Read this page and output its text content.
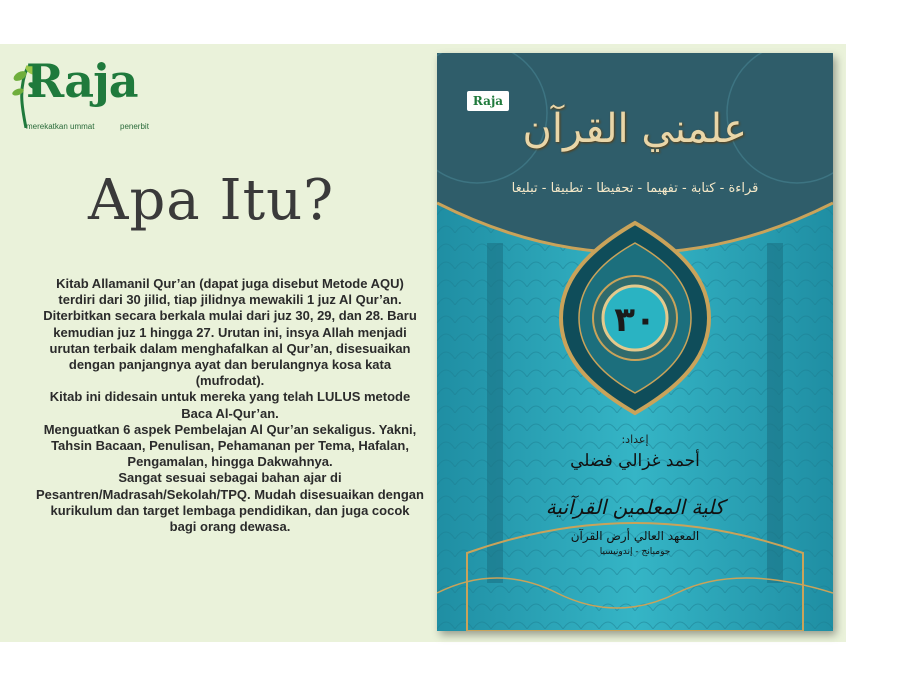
Raja
merekatkan ummat	penerbit
Apa Itu?

Kitab Allamanil Qur’an (dapat juga disebut Metode AQU) terdiri dari 30 jilid, tiap jilidnya mewakili 1 juz Al Qur’an. Diterbitkan secara berkala mulai dari juz 30, 29, dan 28. Baru kemudian juz 1 hingga 27. Urutan ini, insya Allah menjadi urutan terbaik dalam menghafalkan al Qur’an, disesuaikan dengan panjangnya ayat dan berulangnya kosa kata (mufrodat).

Kitab ini didesain untuk mereka yang telah LULUS metode Baca Al-Qur’an.

Menguatkan 6 aspek Pembelajan Al Qur’an sekaligus. Yakni, Tahsin Bacaan, Penulisan, Pehamanan per Tema, Hafalan, Pengamalan, hingga Dakwahnya.

Sangat sesuai sebagai bahan ajar di Pesantren/Madrasah/Sekolah/TPQ. Mudah disesuaikan dengan kurikulum dan target lembaga pendidikan, dan juga cocok bagi orang dewasa.

Raja
علمني القرآن
قراءة - كتابة - تفهيما - تحفيظا - تطبيقا - تبليغا
٣٠
إعداد:
أحمد غزالي فضلي
كلية المعلمين القرآنية
المعهد العالي أرض القرآن
جومبانج - إندونيسيا
